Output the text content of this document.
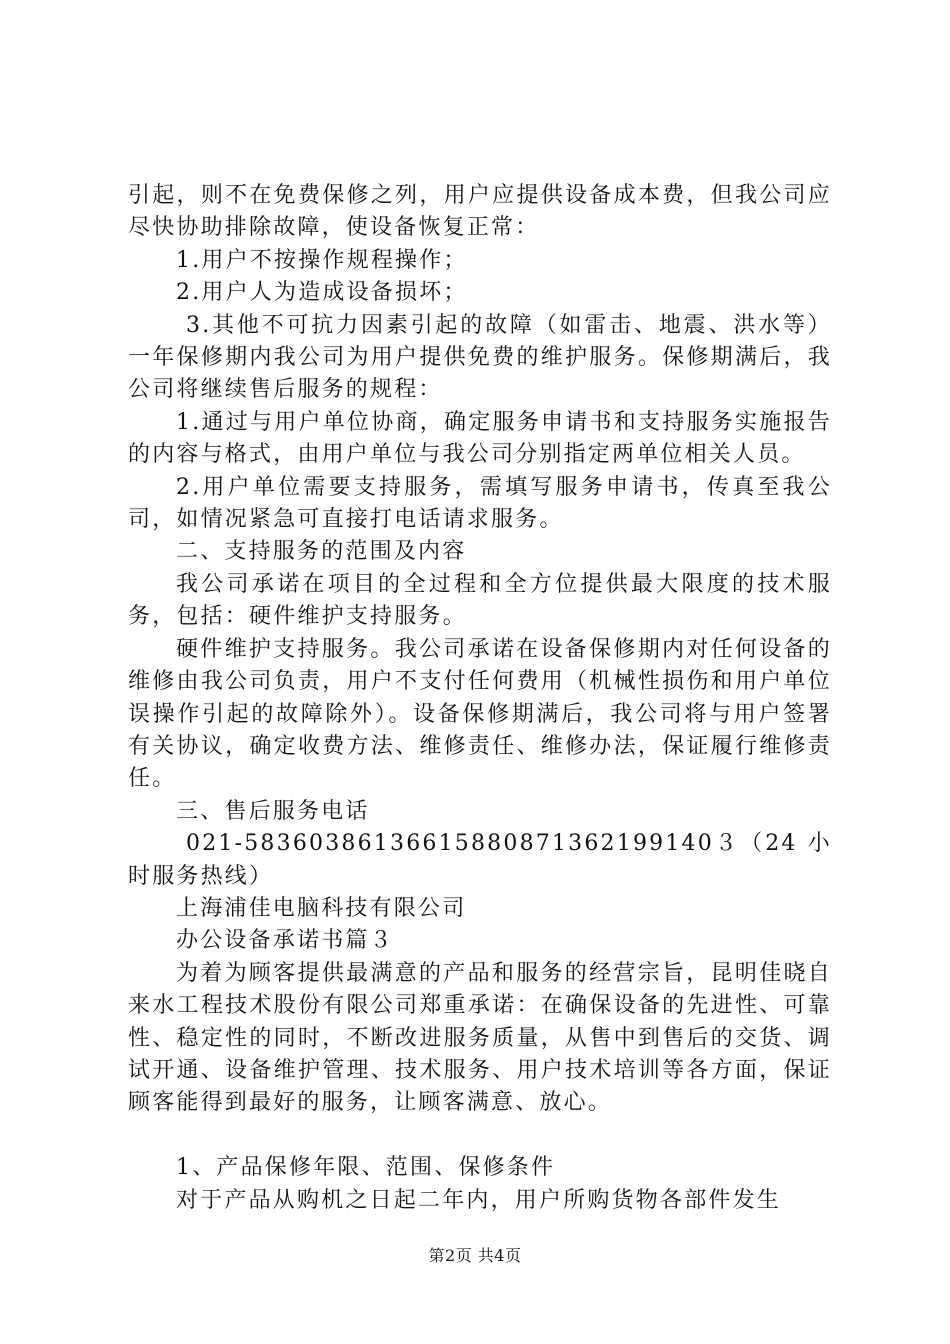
引起，则不在免费保修之列，用户应提供设备成本费，但我公司应尽快协助排除故障，使设备恢复正常：

1.用户不按操作规程操作；

2.用户人为造成设备损坏；

3.其他不可抗力因素引起的故障（如雷击、地震、洪水等）一年保修期内我公司为用户提供免费的维护服务。保修期满后，我公司将继续售后服务的规程：

1.通过与用户单位协商，确定服务申请书和支持服务实施报告的内容与格式，由用户单位与我公司分别指定两单位相关人员。

2.用户单位需要支持服务，需填写服务申请书，传真至我公司，如情况紧急可直接打电话请求服务。

二、支持服务的范围及内容

我公司承诺在项目的全过程和全方位提供最大限度的技术服务，包括：硬件维护支持服务。

硬件维护支持服务。我公司承诺在设备保修期内对任何设备的维修由我公司负责，用户不支付任何费用（机械性损伤和用户单位误操作引起的故障除外）。设备保修期满后，我公司将与用户签署有关协议，确定收费方法、维修责任、维修办法，保证履行维修责任。

三、售后服务电话

021-58360386136615880871362199140３（24 小时服务热线）

上海浦佳电脑科技有限公司

办公设备承诺书篇３

为着为顾客提供最满意的产品和服务的经营宗旨，昆明佳晓自来水工程技术股份有限公司郑重承诺：在确保设备的先进性、可靠性、稳定性的同时，不断改进服务质量，从售中到售后的交货、调试开通、设备维护管理、技术服务、用户技术培训等各方面，保证顾客能得到最好的服务，让顾客满意、放心。

1、产品保修年限、范围、保修条件

对于产品从购机之日起二年内，用户所购货物各部件发生

第2页 共4页
